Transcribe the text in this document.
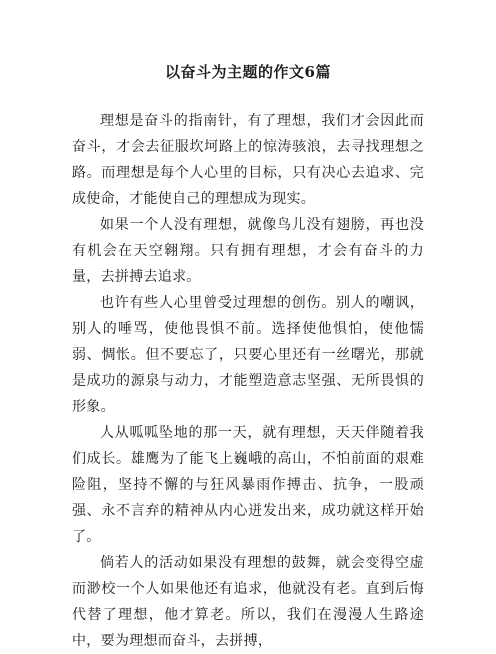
以奋斗为主题的作文6篇

理想是奋斗的指南针，有了理想，我们才会因此而奋斗，才会去征服坎坷路上的惊涛骇浪，去寻找理想之路。而理想是每个人心里的目标，只有决心去追求、完成使命，才能使自己的理想成为现实。

如果一个人没有理想，就像鸟儿没有翅膀，再也没有机会在天空翱翔。只有拥有理想，才会有奋斗的力量，去拼搏去追求。

也许有些人心里曾受过理想的创伤。别人的嘲讽，别人的唾骂，使他畏惧不前。选择使他惧怕，使他懦弱、惆怅。但不要忘了，只要心里还有一丝曙光，那就是成功的源泉与动力，才能塑造意志坚强、无所畏惧的形象。

人从呱呱坠地的那一天，就有理想，天天伴随着我们成长。雄鹰为了能飞上巍峨的高山，不怕前面的艰难险阻，坚持不懈的与狂风暴雨作搏击、抗争，一股顽强、永不言弃的精神从内心迸发出来，成功就这样开始了。

倘若人的活动如果没有理想的鼓舞，就会变得空虚而渺校一个人如果他还有追求，他就没有老。直到后悔代替了理想，他才算老。所以，我们在漫漫人生路途中，要为理想而奋斗，去拼搏，
